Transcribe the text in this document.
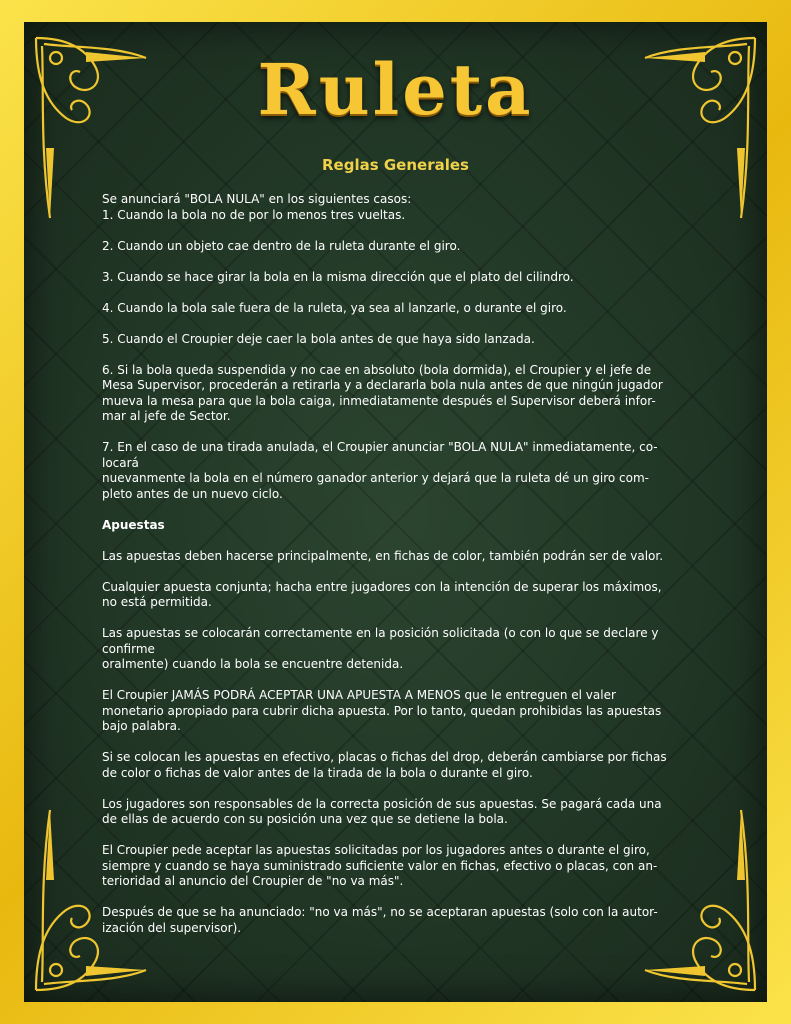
Ruleta
Reglas Generales

Se anunciará "BOLA NULA" en los siguientes casos:
1. Cuando la bola no de por lo menos tres vueltas.

2. Cuando un objeto cae dentro de la ruleta durante el giro.

3. Cuando se hace girar la bola en la misma dirección que el plato del cilindro.

4. Cuando la bola sale fuera de la ruleta, ya sea al lanzarle, o durante el giro.

5. Cuando el Croupier deje caer la bola antes de que haya sido lanzada.

6. Si la bola queda suspendida y no cae en absoluto (bola dormida), el Croupier y el jefe de
Mesa Supervisor, procederán a retirarla y a declararla bola nula antes de que ningún jugador
mueva la mesa para que la bola caiga, inmediatamente después el Supervisor deberá infor-
mar al jefe de Sector.

7. En el caso de una tirada anulada, el Croupier anunciar "BOLA NULA" inmediatamente, co-
locará
nuevanmente la bola en el número ganador anterior y dejará que la ruleta dé un giro com-
pleto antes de un nuevo ciclo.

Apuestas

Las apuestas deben hacerse principalmente, en fichas de color, también podrán ser de valor.

Cualquier apuesta conjunta; hacha entre jugadores con la intención de superar los máximos,
no está permitida.

Las apuestas se colocarán correctamente en la posición solicitada (o con lo que se declare y
confirme
oralmente) cuando la bola se encuentre detenida.

El Croupier JAMÁS PODRÁ ACEPTAR UNA APUESTA A MENOS que le entreguen el valer
monetario apropiado para cubrir dicha apuesta. Por lo tanto, quedan prohibidas las apuestas
bajo palabra.

Si se colocan les apuestas en efectivo, placas o fichas del drop, deberán cambiarse por fichas
de color o fichas de valor antes de la tirada de la bola o durante el giro.

Los jugadores son responsables de la correcta posición de sus apuestas. Se pagará cada una
de ellas de acuerdo con su posición una vez que se detiene la bola.

El Croupier pede aceptar las apuestas solicitadas por los jugadores antes o durante el giro,
siempre y cuando se haya suministrado suficiente valor en fichas, efectivo o placas, con an-
terioridad al anuncio del Croupier de "no va más".

Después de que se ha anunciado: "no va más", no se aceptaran apuestas (solo con la autor-
ización del supervisor).
